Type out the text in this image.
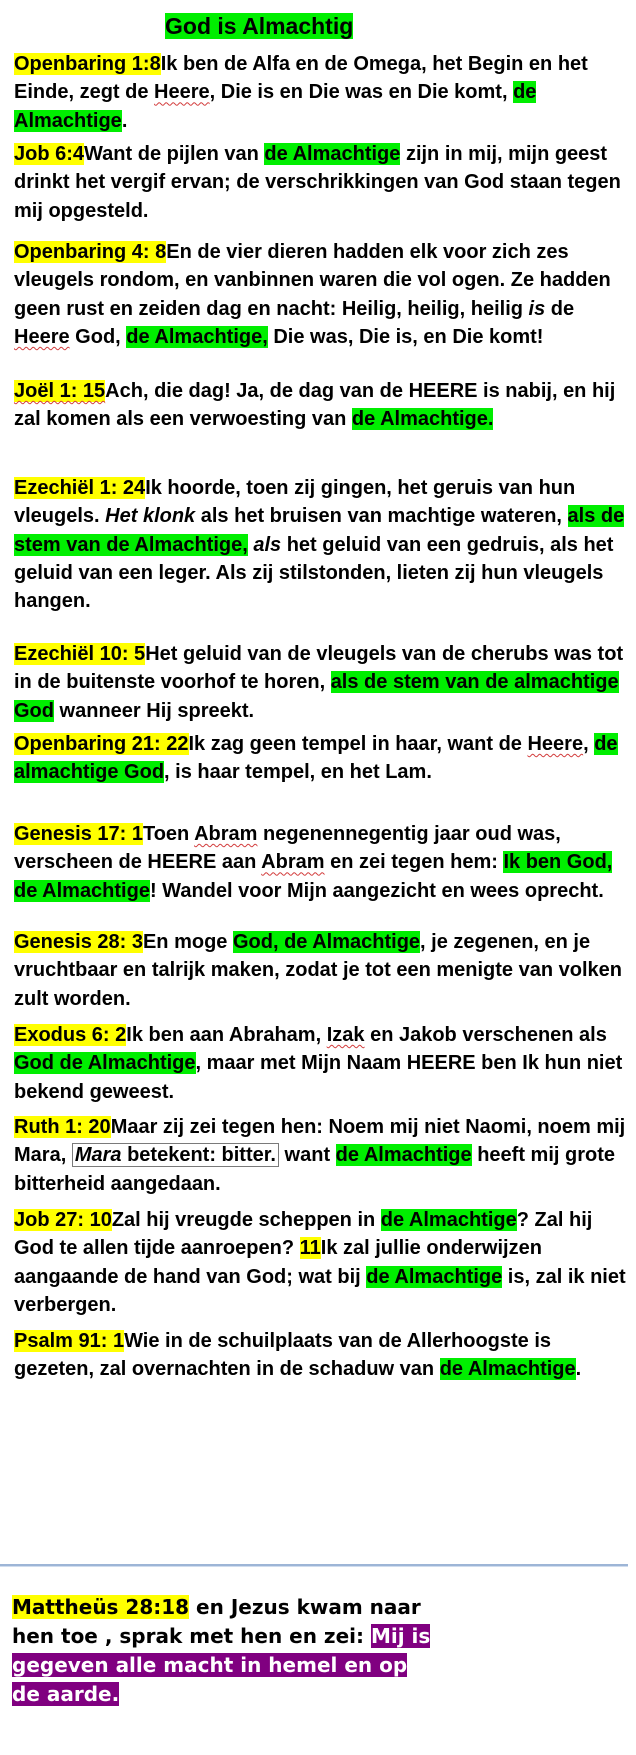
God is Almachtig
Openbaring 1:8Ik ben de Alfa en de Omega, het Begin en het Einde, zegt de Heere, Die is en Die was en Die komt, de Almachtige.
Job 6:4Want de pijlen van de Almachtige zijn in mij, mijn geest drinkt het vergif ervan; de verschrikkingen van God staan tegen mij opgesteld.
Openbaring 4: 8En de vier dieren hadden elk voor zich zes vleugels rondom, en vanbinnen waren die vol ogen. Ze hadden geen rust en zeiden dag en nacht: Heilig, heilig, heilig is de Heere God, de Almachtige, Die was, Die is, en Die komt!
Joël 1: 15Ach, die dag! Ja, de dag van de HEERE is nabij, en hij zal komen als een verwoesting van de Almachtige.
Ezechiël 1: 24Ik hoorde, toen zij gingen, het geruis van hun vleugels. Het klonk als het bruisen van machtige wateren, als de stem van de Almachtige, als het geluid van een gedruis, als het geluid van een leger. Als zij stilstonden, lieten zij hun vleugels hangen.
Ezechiël 10: 5Het geluid van de vleugels van de cherubs was tot in de buitenste voorhof te horen, als de stem van de almachtige God wanneer Hij spreekt.
Openbaring 21: 22Ik zag geen tempel in haar, want de Heere, de almachtige God, is haar tempel, en het Lam.
Genesis 17: 1Toen Abram negenennegentig jaar oud was, verscheen de HEERE aan Abram en zei tegen hem: Ik ben God, de Almachtige! Wandel voor Mijn aangezicht en wees oprecht.
Genesis 28: 3En moge God, de Almachtige, je zegenen, en je vruchtbaar en talrijk maken, zodat je tot een menigte van volken zult worden.
Exodus 6: 2Ik ben aan Abraham, Izak en Jakob verschenen als God de Almachtige, maar met Mijn Naam HEERE ben Ik hun niet bekend geweest.
Ruth 1: 20Maar zij zei tegen hen: Noem mij niet Naomi, noem mij Mara, Mara betekent: bitter. want de Almachtige heeft mij grote bitterheid aangedaan.
Job 27: 10Zal hij vreugde scheppen in de Almachtige? Zal hij God te allen tijde aanroepen? 11Ik zal jullie onderwijzen aangaande de hand van God; wat bij de Almachtige is, zal ik niet verbergen.
Psalm 91: 1Wie in de schuilplaats van de Allerhoogste is gezeten, zal overnachten in de schaduw van de Almachtige.
Mattheüs 28:18 en Jezus kwam naar hen toe , sprak met hen en zei: Mij is gegeven alle macht in hemel en op de aarde.
